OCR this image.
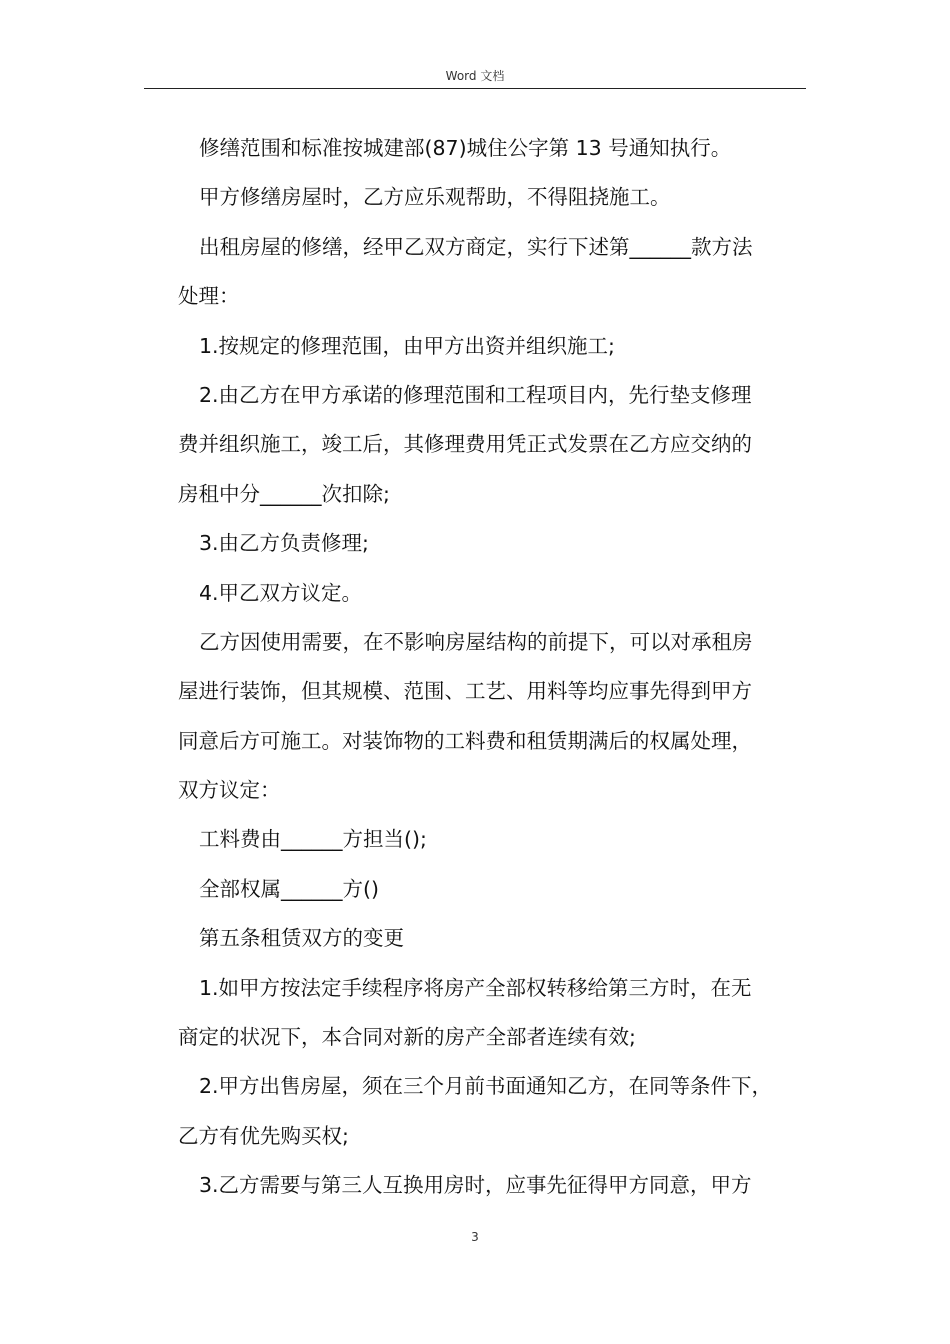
Word 文档
修缮范围和标准按城建部(87)城住公字第 13 号通知执行。
甲方修缮房屋时，乙方应乐观帮助，不得阻挠施工。
出租房屋的修缮，经甲乙双方商定，实行下述第______款方法
处理：
1.按规定的修理范围，由甲方出资并组织施工;
2.由乙方在甲方承诺的修理范围和工程项目内，先行垫支修理
费并组织施工，竣工后，其修理费用凭正式发票在乙方应交纳的
房租中分______次扣除;
3.由乙方负责修理;
4.甲乙双方议定。
乙方因使用需要，在不影响房屋结构的前提下，可以对承租房
屋进行装饰，但其规模、范围、工艺、用料等均应事先得到甲方
同意后方可施工。对装饰物的工料费和租赁期满后的权属处理，
双方议定：
工料费由______方担当();
全部权属______方()
第五条租赁双方的变更
1.如甲方按法定手续程序将房产全部权转移给第三方时，在无
商定的状况下，本合同对新的房产全部者连续有效;
2.甲方出售房屋，须在三个月前书面通知乙方，在同等条件下，
乙方有优先购买权;
3.乙方需要与第三人互换用房时，应事先征得甲方同意，甲方
3
